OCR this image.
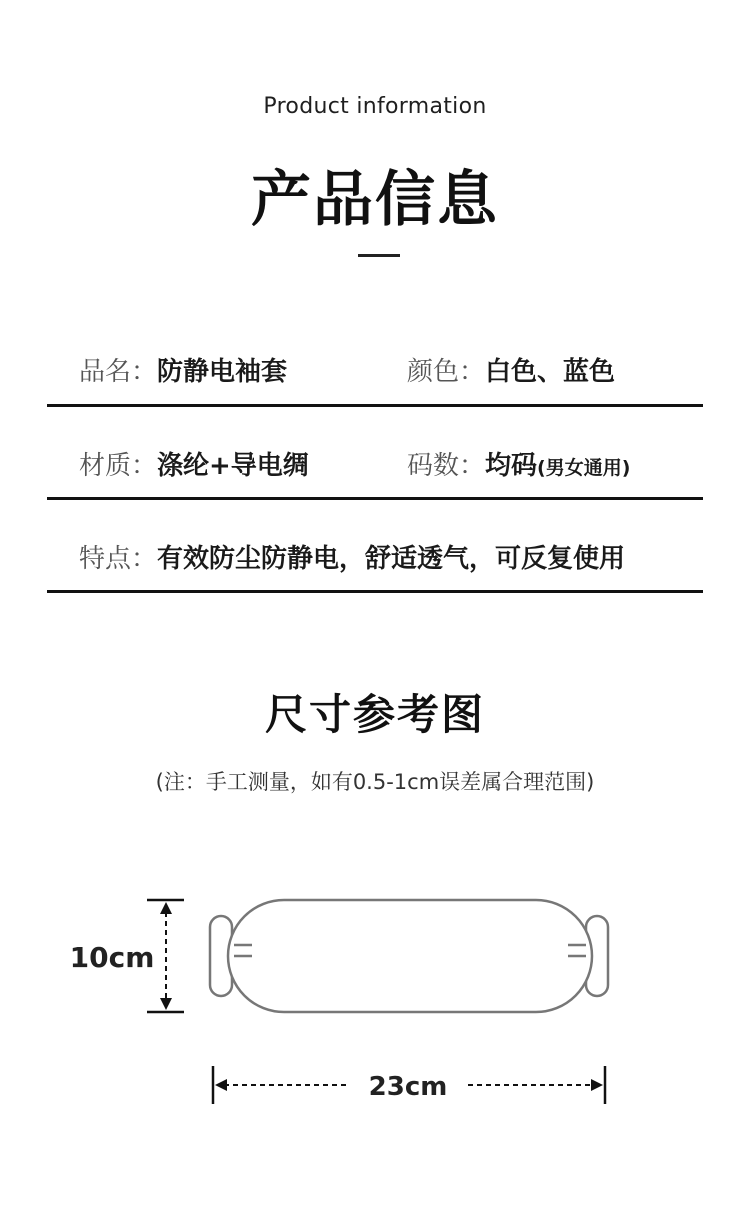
Product information
产品信息
品名：防静电袖套	颜色：白色、蓝色
材质：涤纶+导电绸	码数：均码(男女通用)
特点：有效防尘防静电，舒适透气，可反复使用
尺寸参考图
(注：手工测量，如有0.5-1cm误差属合理范围)
10cm
23cm
